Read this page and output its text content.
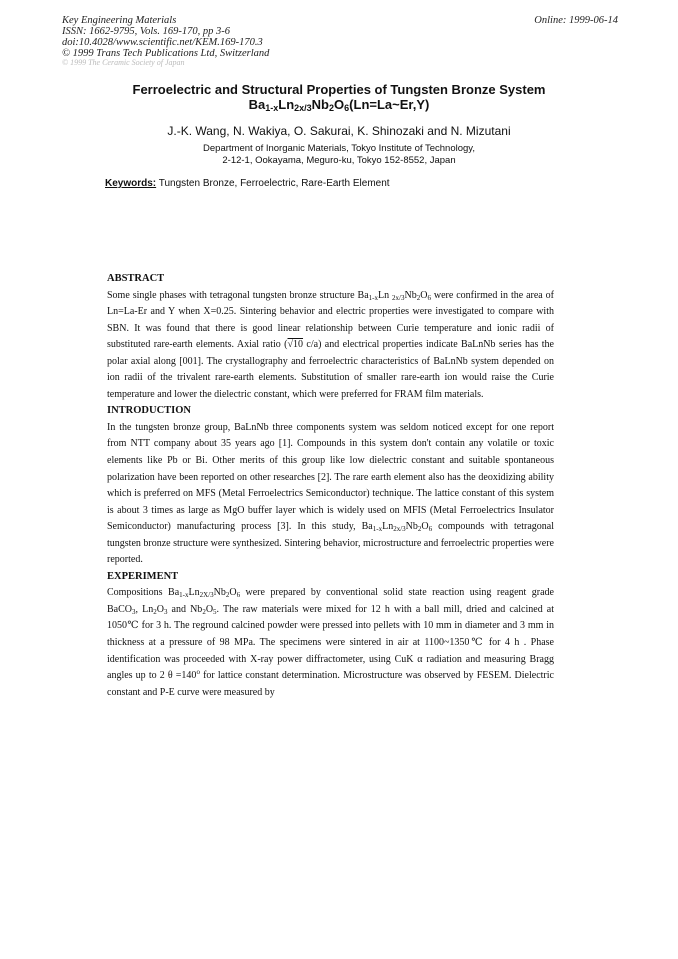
Key Engineering Materials	Online: 1999-06-14
ISSN: 1662-9795, Vols. 169-170, pp 3-6
doi:10.4028/www.scientific.net/KEM.169-170.3
© 1999 Trans Tech Publications Ltd, Switzerland
© 1999 The Ceramic Society of Japan
Ferroelectric and Structural Properties of Tungsten Bronze System
$Ba_{1-x}Ln_{2x/3}Nb_2O_6(Ln=La\sim Er,Y)$
J.-K. Wang, N. Wakiya, O. Sakurai, K. Shinozaki and N. Mizutani
Department of Inorganic Materials, Tokyo Institute of Technology,
2-12-1, Ookayama, Meguro-ku, Tokyo 152-8552, Japan
Keywords: Tungsten Bronze, Ferroelectric, Rare-Earth Element
ABSTRACT

Some single phases with tetragonal tungsten bronze structure $Ba_{1-x}Ln$ $_{2x/3}Nb_2O_6$ were confirmed in the area of Ln=La-Er and Y when X=0.25. Sintering behavior and electric properties were investigated to compare with SBN. It was found that there is good linear relationship between Curie temperature and ionic radii of substituted rare-earth elements. Axial ratio (√10 c/a) and electrical properties indicate BaLnNb series has the polar axial along [001]. The crystallography and ferroelectric characteristics of BaLnNb system depended on ion radii of the trivalent rare-earth elements. Substitution of smaller rare-earth ion would raise the Curie temperature and lower the dielectric constant, which were preferred for FRAM film materials.

INTRODUCTION

In the tungsten bronze group, BaLnNb three components system was seldom noticed except for one report from NTT company about 35 years ago [1]. Compounds in this system don't contain any volatile or toxic elements like Pb or Bi. Other merits of this group like low dielectric constant and suitable spontaneous polarization have been reported on other researches [2]. The rare earth element also has the deoxidizing ability which is preferred on MFS (Metal Ferroelectrics Semiconductor) technique. The lattice constant of this system is about 3 times as large as MgO buffer layer which is widely used on MFIS (Metal Ferroelectrics Insulator Semiconductor) manufacturing process [3]. In this study, $Ba_{1-x}Ln_{2x/3}Nb_2O_6$ compounds with tetragonal tungsten bronze structure were synthesized. Sintering behavior, microstructure and ferroelectric properties were reported.

EXPERIMENT

Compositions $Ba_{1-x}Ln_{2X/3}Nb_2O_6$ were prepared by conventional solid state reaction using reagent grade BaCO$_3$, $Ln_2O_3$ and $Nb_2O_5$. The raw materials were mixed for 12 h with a ball mill, dried and calcined at 1050℃ for 3 h. The reground calcined powder were pressed into pellets with 10 mm in diameter and 3 mm in thickness at a pressure of 98 MPa. The specimens were sintered in air at 1100~1350℃ for 4 h . Phase identification was proceeded with X-ray power diffractometer, using CuK α radiation and measuring Bragg angles up to 2 $\theta =140^o$ for lattice constant determination. Microstructure was observed by FESEM. Dielectric constant and P-E curve were measured by
